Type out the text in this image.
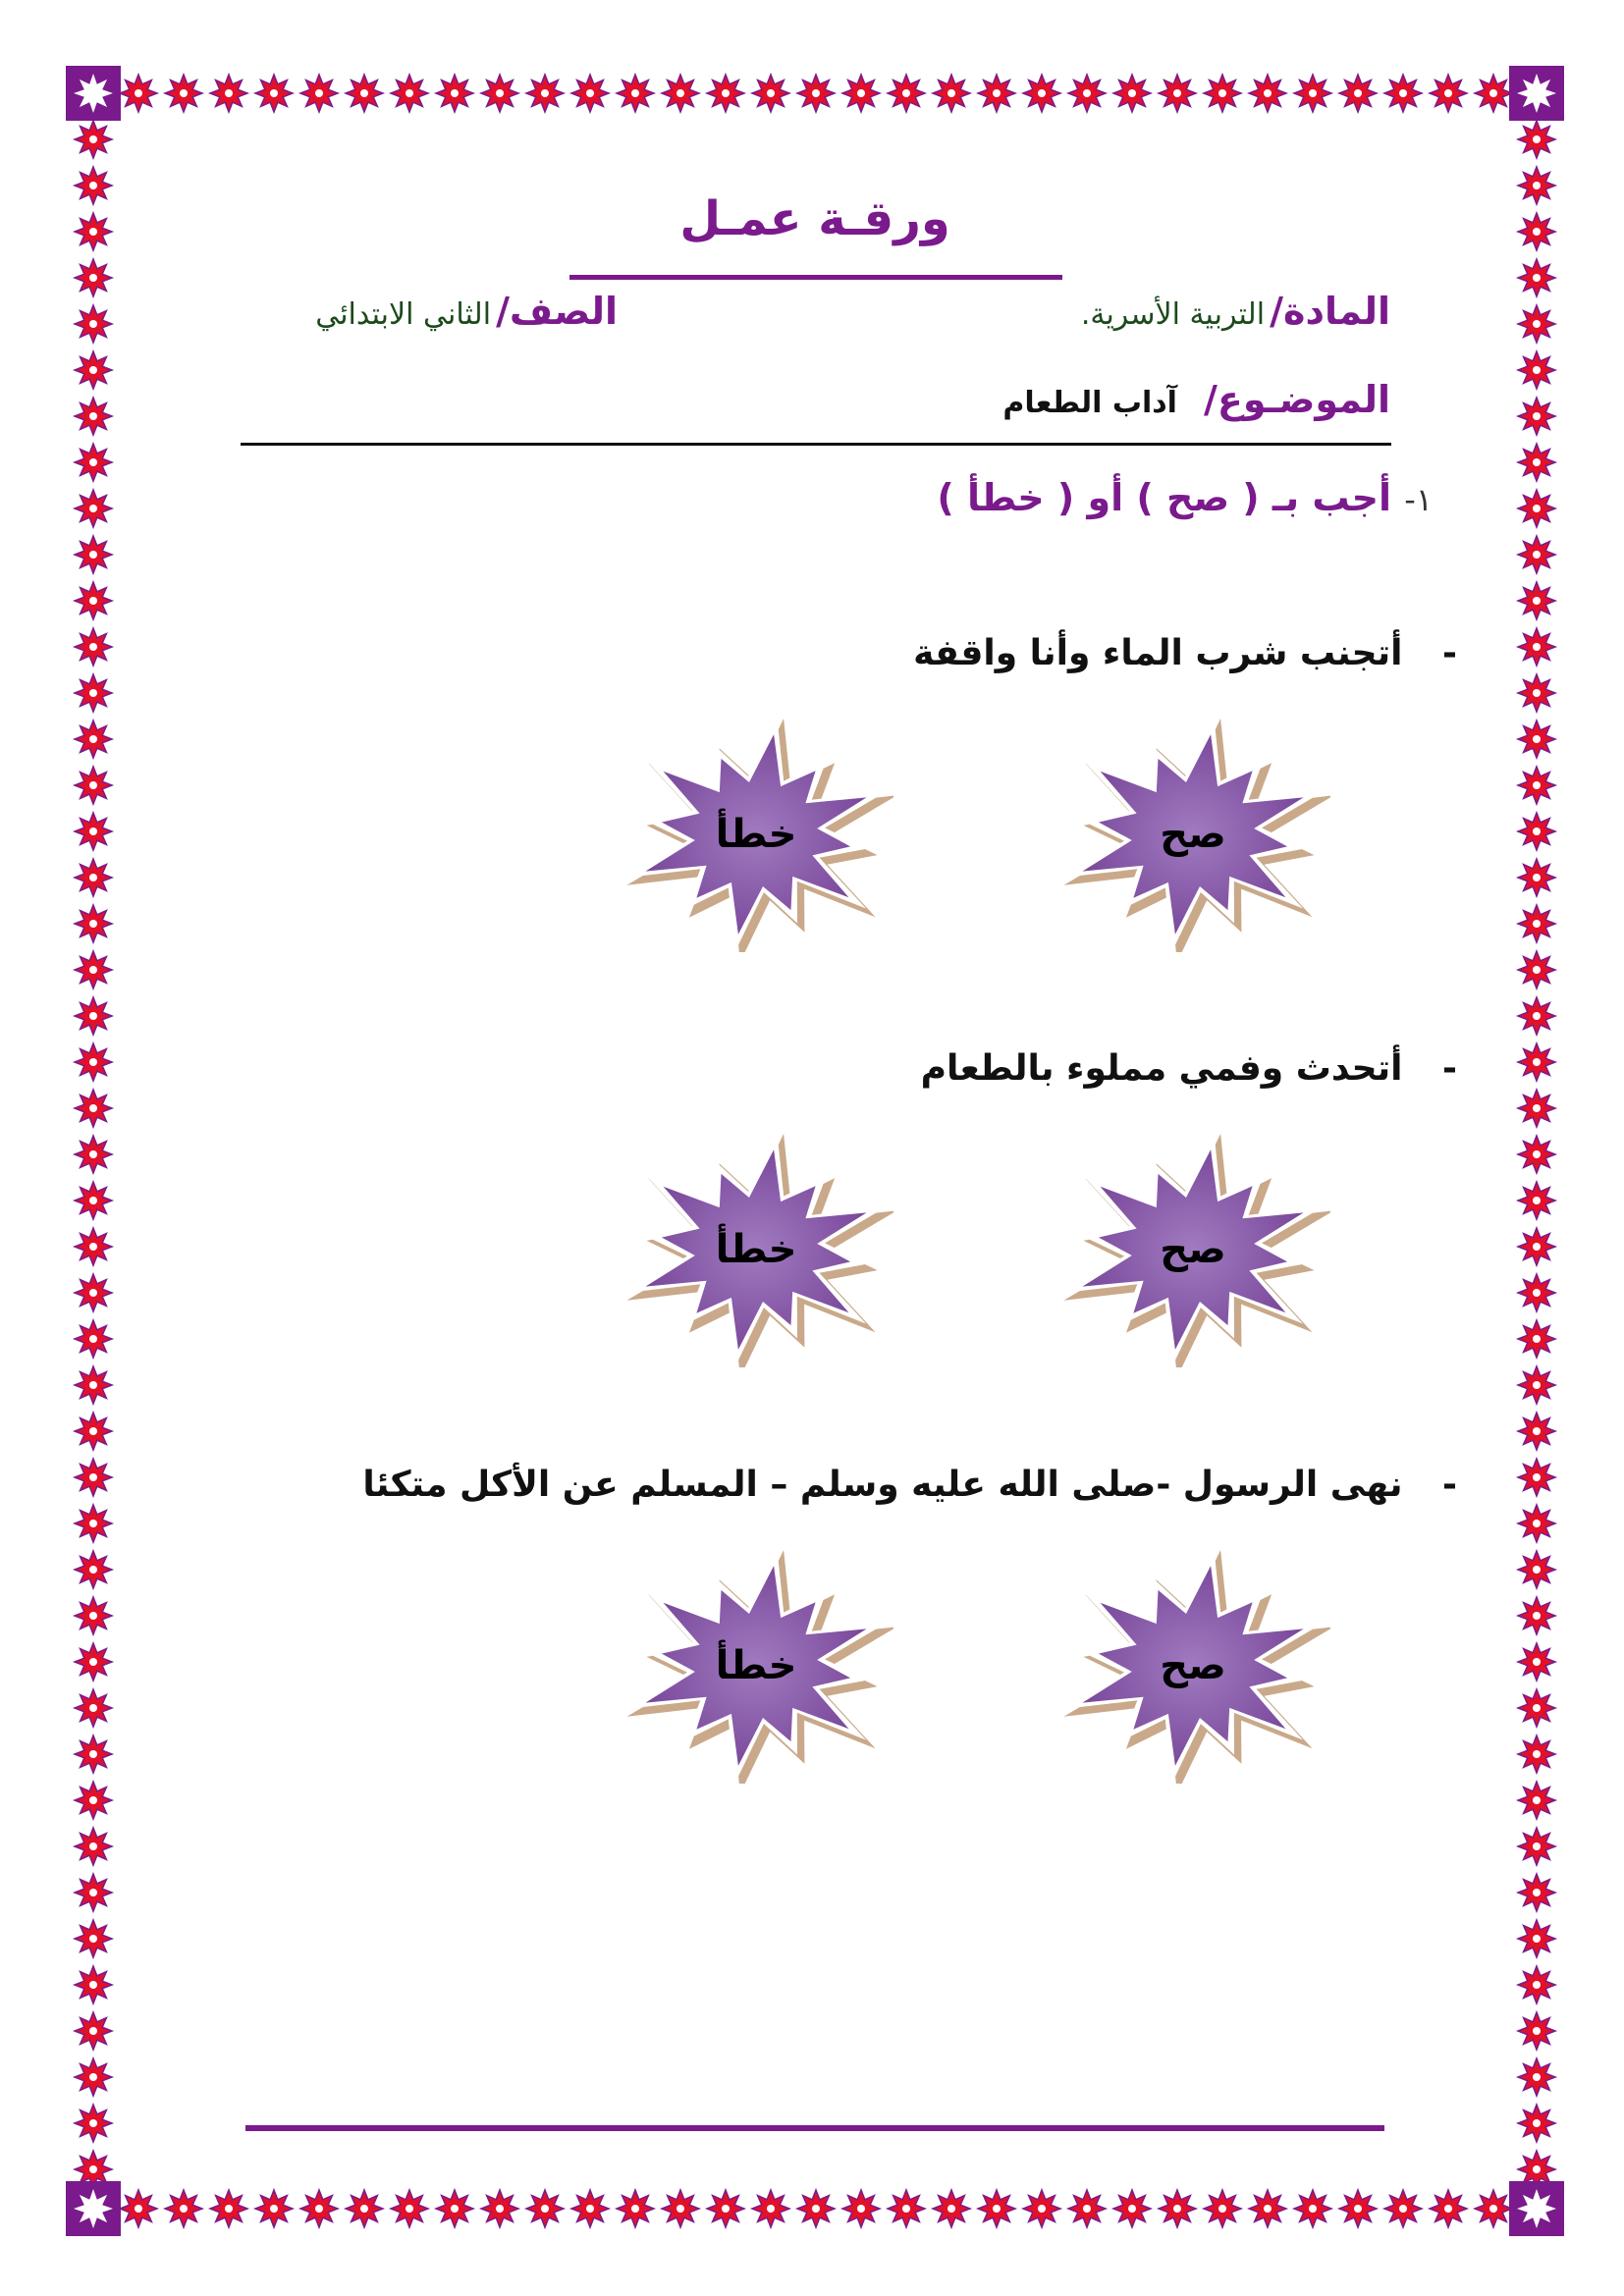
ورقـة عمـل
المادة/ التربية الأسرية.
الصف/ الثاني الابتدائي
الموضـوع/ آداب الطعام
١- أجب بـ ( صح ) أو ( خطأ )
- أتجنب شرب الماء وأنا واقفة
صح
خطأ
- أتحدث وفمي مملوء بالطعام
صح
خطأ
- نهى الرسول -صلى الله عليه وسلم – المسلم عن الأكل متكئا
صح
خطأ
